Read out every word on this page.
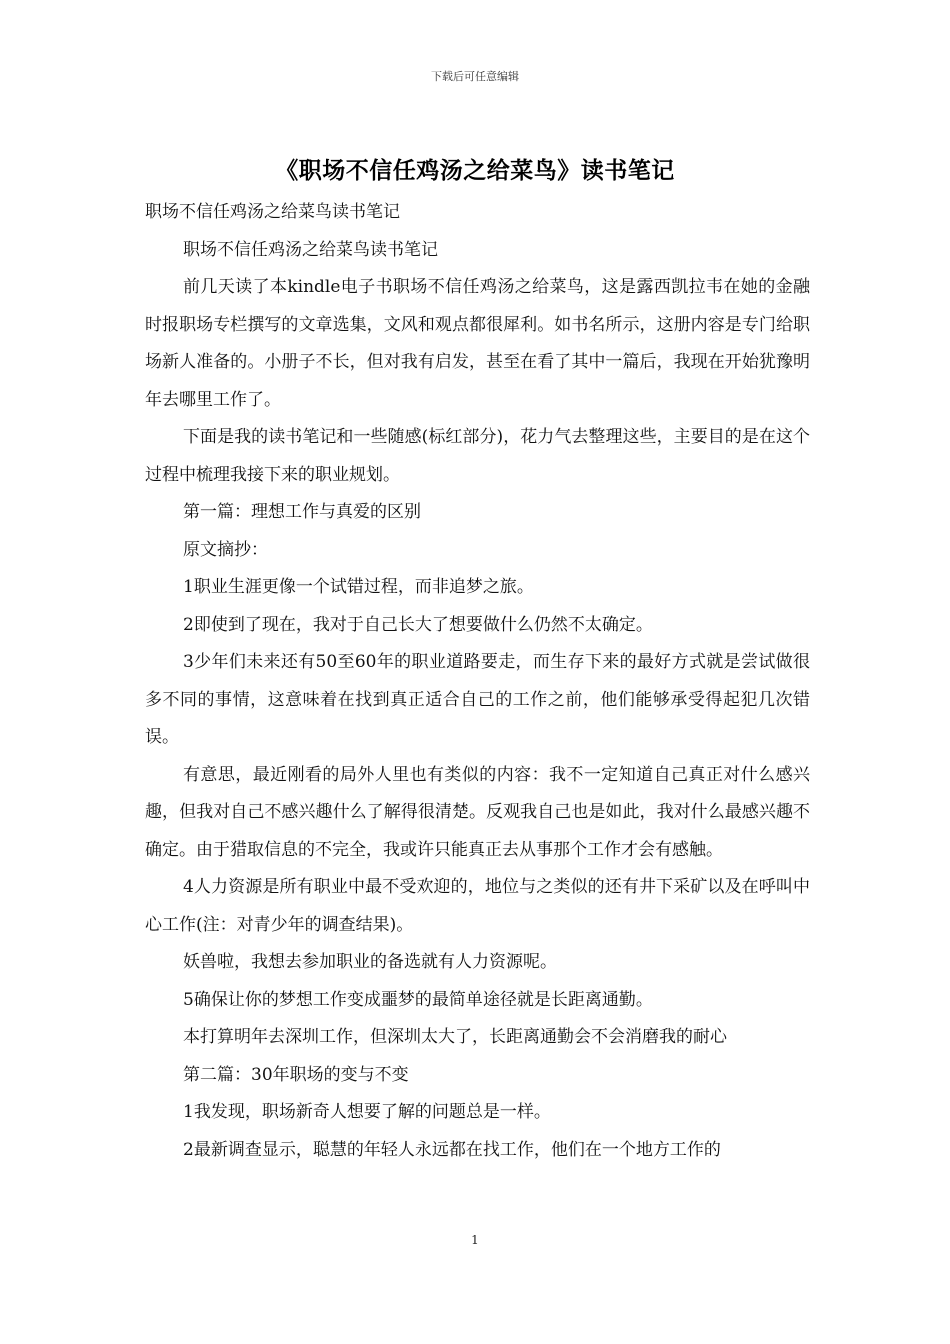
下载后可任意编辑
《职场不信任鸡汤之给菜鸟》读书笔记

职场不信任鸡汤之给菜鸟读书笔记

职场不信任鸡汤之给菜鸟读书笔记

前几天读了本kindle电子书职场不信任鸡汤之给菜鸟，这是露西凯拉韦在她的金融时报职场专栏撰写的文章选集，文风和观点都很犀利。如书名所示，这册内容是专门给职场新人准备的。小册子不长，但对我有启发，甚至在看了其中一篇后，我现在开始犹豫明年去哪里工作了。

下面是我的读书笔记和一些随感(标红部分)，花力气去整理这些，主要目的是在这个过程中梳理我接下来的职业规划。

第一篇：理想工作与真爱的区别

原文摘抄：

1职业生涯更像一个试错过程，而非追梦之旅。

2即使到了现在，我对于自己长大了想要做什么仍然不太确定。

3少年们未来还有50至60年的职业道路要走，而生存下来的最好方式就是尝试做很多不同的事情，这意味着在找到真正适合自己的工作之前，他们能够承受得起犯几次错误。

有意思，最近刚看的局外人里也有类似的内容：我不一定知道自己真正对什么感兴趣，但我对自己不感兴趣什么了解得很清楚。反观我自己也是如此，我对什么最感兴趣不确定。由于猎取信息的不完全，我或许只能真正去从事那个工作才会有感触。

4人力资源是所有职业中最不受欢迎的，地位与之类似的还有井下采矿以及在呼叫中心工作(注：对青少年的调查结果)。

妖兽啦，我想去参加职业的备选就有人力资源呢。

5确保让你的梦想工作变成噩梦的最简单途径就是长距离通勤。

本打算明年去深圳工作，但深圳太大了，长距离通勤会不会消磨我的耐心

第二篇：30年职场的变与不变

1我发现，职场新奇人想要了解的问题总是一样。

2最新调查显示，聪慧的年轻人永远都在找工作，他们在一个地方工作的

1
